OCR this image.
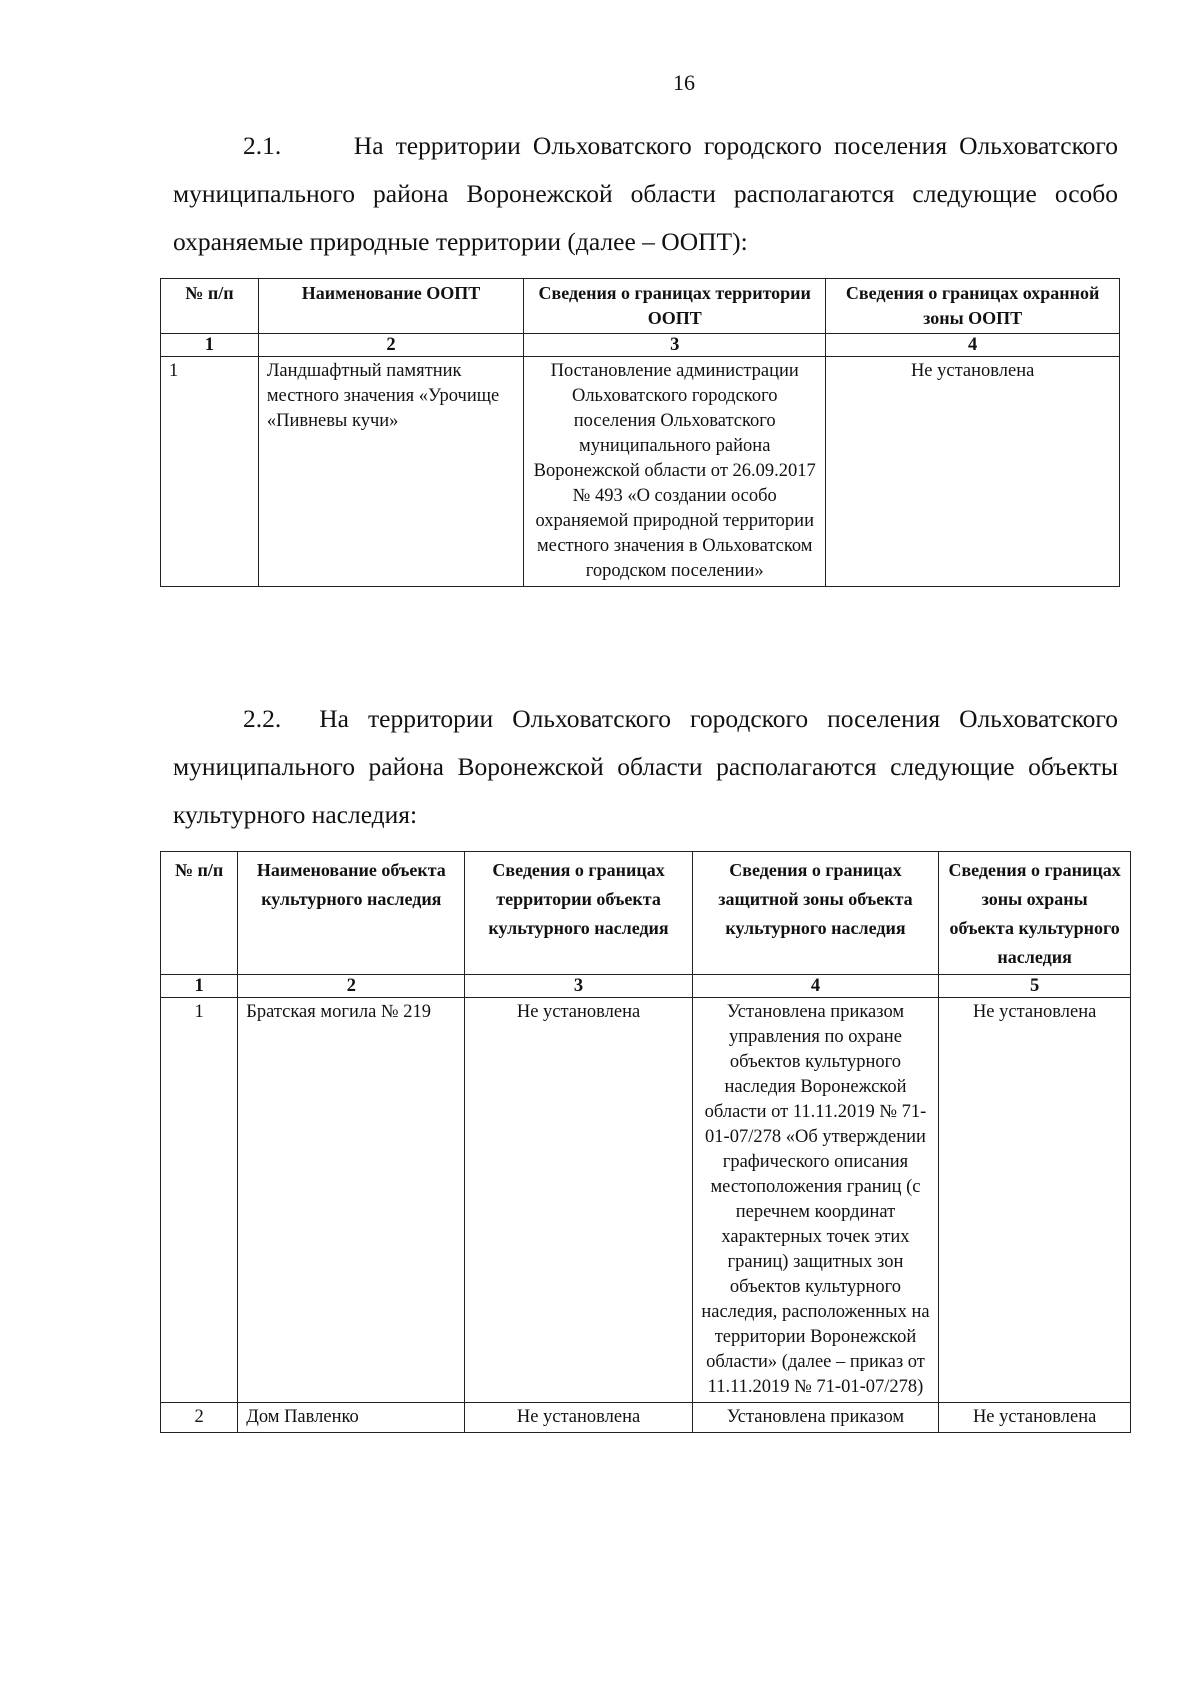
16

2.1.	На территории Ольховатского городского поселения Ольховатского муниципального района Воронежской области располагаются следующие особо охраняемые природные территории (далее – ООПТ):

№ п/п	Наименование ООПТ	Сведения о границах территории ООПТ	Сведения о границах охранной зоны ООПТ
1	2	3	4
1	Ландшафтный памятник местного значения «Урочище «Пивневы кучи»	Постановление администрации Ольховатского городского поселения Ольховатского муниципального района Воронежской области от 26.09.2017 № 493 «О создании особо охраняемой природной территории местного значения в Ольховатском городском поселении»	Не установлена

2.2. На территории Ольховатского городского поселения Ольховатского муниципального района Воронежской области располагаются следующие объекты культурного наследия:

№ п/п	Наименование объекта культурного наследия	Сведения о границах территории объекта культурного наследия	Сведения о границах защитной зоны объекта культурного наследия	Сведения о границах зоны охраны объекта культурного наследия
1	2	3	4	5
1	Братская могила № 219	Не установлена	Установлена приказом управления по охране объектов культурного наследия Воронежской области от 11.11.2019 № 71-01-07/278 «Об утверждении графического описания местоположения границ (с перечнем координат характерных точек этих границ) защитных зон объектов культурного наследия, расположенных на территории Воронежской области» (далее – приказ от 11.11.2019 № 71-01-07/278)	Не установлена
2	Дом Павленко	Не установлена	Установлена приказом	Не установлена
